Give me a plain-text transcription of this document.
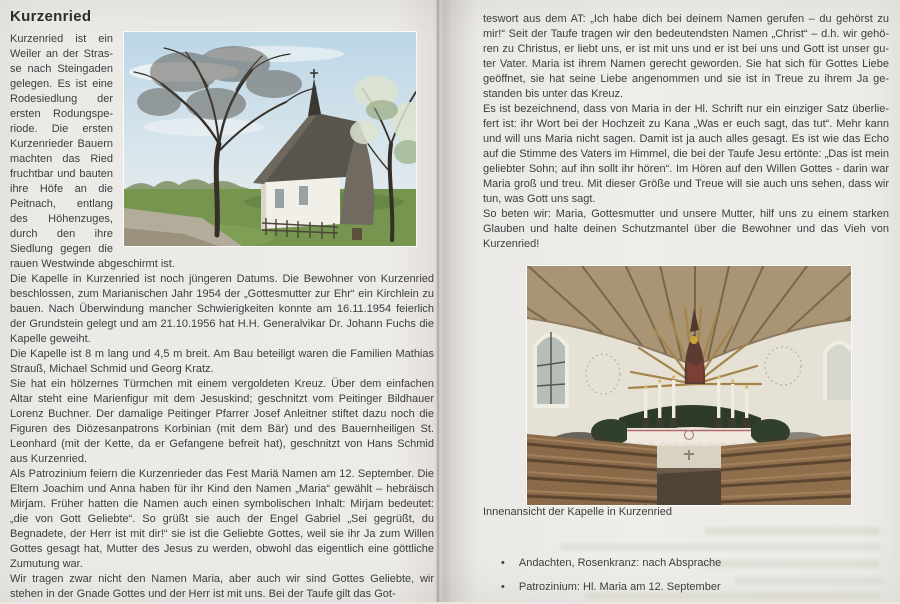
Kurzenried

Kurzenried ist ein Weiler an der Strasse nach Steingaden gelegen. Es ist eine Rodesiedlung der ersten Rodungsperiode. Die ersten Kurzenrieder Bauern machten das Ried fruchtbar und bauten ihre Höfe an die Peitnach, entlang des Höhenzuges, durch den ihre Siedlung gegen die rauen Westwinde abgeschirmt ist.

Die Kapelle in Kurzenried ist noch jüngeren Datums. Die Bewohner von Kurzenried beschlossen, zum Marianischen Jahr 1954 der „Gottesmutter zur Ehr“ ein Kirchlein zu bauen. Nach Überwindung mancher Schwierigkeiten konnte am 16.11.1954 feierlich der Grundstein gelegt und am 21.10.1956 hat H.H. Generalvikar Dr. Johann Fuchs die Kapelle geweiht.

Die Kapelle ist 8 m lang und 4,5 m breit. Am Bau beteiligt waren die Familien Mathias Strauß, Michael Schmid und Georg Kratz.

Sie hat ein hölzernes Türmchen mit einem vergoldeten Kreuz. Über dem einfachen Altar steht eine Marienfigur mit dem Jesuskind; geschnitzt vom Peitinger Bildhauer Lorenz Buchner. Der damalige Peitinger Pfarrer Josef Anleitner stiftet dazu noch die Figuren des Diözesanpatrons Korbinian (mit dem Bär) und des Bauernheiligen St. Leonhard (mit der Kette, da er Gefangene befreit hat), geschnitzt von Hans Schmid aus Kurzenried.

Als Patrozinium feiern die Kurzenrieder das Fest Mariä Namen am 12. September. Die Eltern Joachim und Anna haben für ihr Kind den Namen „Maria“ gewählt – hebräisch Mirjam. Früher hatten die Namen auch einen symbolischen Inhalt: Mirjam bedeutet: „die von Gott Geliebte“. So grüßt sie auch der Engel Gabriel „Sei gegrüßt, du Begnadete, der Herr ist mit dir!“ sie ist die Geliebte Gottes, weil sie ihr Ja zum Willen Gottes gesagt hat, Mutter des Jesus zu werden, obwohl das eigentlich eine göttliche Zumutung war.

Wir tragen zwar nicht den Namen Maria, aber auch wir sind Gottes Geliebte, wir stehen in der Gnade Gottes und der Herr ist mit uns. Bei der Taufe gilt das Got-

teswort aus dem AT: „Ich habe dich bei deinem Namen gerufen – du gehörst zu mir!“ Seit der Taufe tragen wir den bedeutendsten Namen „Christ“ – d.h. wir gehören zu Christus, er liebt uns, er ist mit uns und er ist bei uns und Gott ist unser guter Vater. Maria ist ihrem Namen gerecht geworden. Sie hat sich für Gottes Liebe geöffnet, sie hat seine Liebe angenommen und sie ist in Treue zu ihrem Ja gestanden bis unter das Kreuz.

Es ist bezeichnend, dass von Maria in der Hl. Schrift nur ein einziger Satz überliefert ist: ihr Wort bei der Hochzeit zu Kana „Was er euch sagt, das tut“. Mehr kann und will uns Maria nicht sagen. Damit ist ja auch alles gesagt. Es ist wie das Echo auf die Stimme des Vaters im Himmel, die bei der Taufe Jesu ertönte: „Das ist mein geliebter Sohn; auf ihn sollt ihr hören“. Im Hören auf den Willen Gottes - darin war Maria groß und treu. Mit dieser Größe und Treue will sie auch uns sehen, dass wir tun, was Gott uns sagt.

So beten wir: Maria, Gottesmutter und unsere Mutter, hilf uns zu einem starken Glauben und halte deinen Schutzmantel über die Bewohner und das Vieh von Kurzenried!

Innenansicht der Kapelle in Kurzenried

• Andachten, Rosenkranz: nach Absprache
• Patrozinium: Hl. Maria am 12. September
